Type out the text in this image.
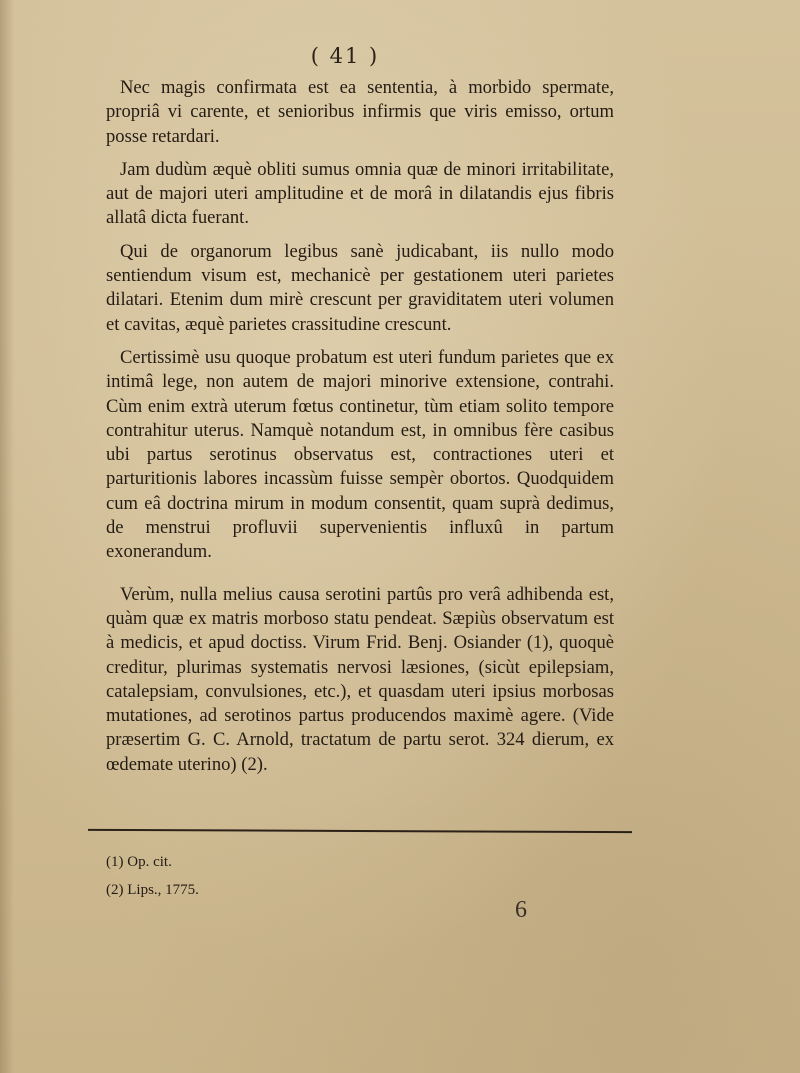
( 41 )

Nec magis confirmata est ea sententia, à morbido spermate, propriâ vi carente, et senioribus infirmis que viris emisso, ortum posse retardari.

Jam dudùm æquè obliti sumus omnia quæ de minori irritabilitate, aut de majori uteri amplitudine et de morâ in dilatandis ejus fibris allatâ dicta fuerant.

Qui de organorum legibus sanè judicabant, iis nullo modo sentiendum visum est, mechanicè per gestationem uteri parietes dilatari. Etenim dum mirè crescunt per graviditatem uteri volumen et cavitas, æquè parietes crassitudine crescunt.

Certissimè usu quoque probatum est uteri fundum parietes que ex intimâ lege, non autem de majori minorive extensione, contrahi. Cùm enim extrà uterum fœtus continetur, tùm etiam solito tempore contrahitur uterus. Namquè notandum est, in omnibus fère casibus ubi partus serotinus observatus est, contractiones uteri et parturitionis labores incassùm fuisse sempèr obortos. Quodquidem cum eâ doctrina mirum in modum consentit, quam suprà dedimus, de menstrui profluvii supervenientis influxû in partum exonerandum.

Verùm, nulla melius causa serotini partûs pro verâ adhibenda est, quàm quæ ex matris morboso statu pendeat. Sæpiùs observatum est à medicis, et apud doctiss. Virum Frid. Benj. Osiander (1), quoquè creditur, plurimas systematis nervosi læsiones, (sicùt epilepsiam, catalepsiam, convulsiones, etc.), et quasdam uteri ipsius morbosas mutationes, ad serotinos partus producendos maximè agere. (Vide præsertim G. C. Arnold, tractatum de partu serot. 324 dierum, ex œdemate uterino) (2).

(1) Op. cit.

(2) Lips., 1775.

6
